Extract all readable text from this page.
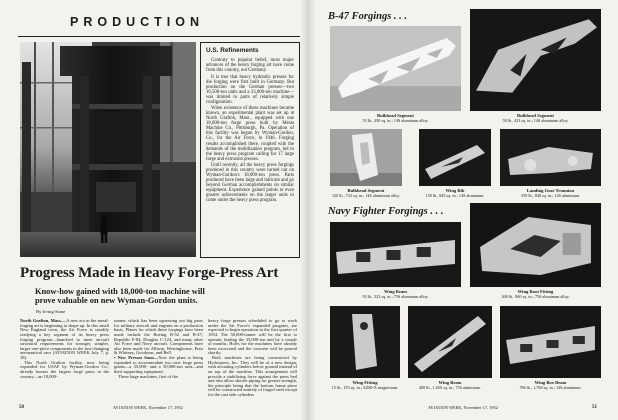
PRODUCTION
U.S. Refinements

Contrary to popular belief, most major advances of the heavy forging art have come from this country, not Germany.

It is true that heavy hydraulic presses for die forging were first built in Germany. But production on the German presses—two 16,500-ton units and a 33,000-ton machine—was limited to parts of relatively simple configuration.

When existence of these machines became known, an experimental plant was set up at North Grafton, Mass., equipped with one 18,000-ton forge press built by Mesta Machine Co., Pittsburgh, Pa. Operation of this facility was begun by Wyman-Gordon, Co., for the Air Force, in 1946. Forging results accomplished there, coupled with the demands of the mobilization program, led to the heavy press program calling for 17 large forge and extrusion presses.

Until recently, all the heavy press forgings produced in this country were turned out on Wyman-Gordon's 18,000-ton press. Parts produced have been large and intricate and go beyond German accomplishments on similar equipment. Experience gained points to even greater achievements on the larger units to come under the heavy press program.

Progress Made in Heavy Forge-Press Art
Know-how gained with 18,000-ton machine will
prove valuable on new Wyman-Gordon units.
By Irving Stone

North Grafton, Mass.—A new era in the metal-forging art is beginning to shape up. In this small New England town, the Air Force is steadily readying a key segment of its heavy press forging program—launched to meet aircraft structural requirements for stronger, simpler, larger one-piece components in the fast-changing aeronautical race (AVIATION WEEK July 7, p. 18).

This North Grafton facility, now being expanded for USAF by Wyman-Gordon Co., already houses the largest forge press in the country—an 18,000-

tonner, which has been squeezing out big parts for military aircraft and engines on a production basis. Planes for which these forgings have been made include the Boeing B-52 and B-47; Republic F-84; Douglas C-124, and many other Air Force and Navy aircraft. Components have also been made for Allison, Westinghouse, Pratt & Whitney, Goodyear, and Bell.

• New Presses Soon—Now the plant is being expanded to accommodate two new forge press giants—a 35,000- and a 50,000-ton unit—and their supporting equipment.

These large machines, first of the

heavy forge presses scheduled to go to work under the Air Force's expanded program, are expected to begin operation in the first quarter of 1954. The 50,000-tonner will be the first to operate, leading the 35,000-ton unit by a couple of months. Holes for the machines have already been excavated and the concrete will be poured shortly.

Both machines are being constructed by Hydropress, Inc. They will be of a new design, with actuating cylinders below ground instead of on top of the machine. This arrangement will provide a stabilizing force against the press bed and also allow shorter piping for greater strength, the principle being that the bottom frame piece will be constructed entirely of forged steel except for the cast side cylinders

50	AVIATION WEEK, November 17, 1952
B-47 Forgings . . .
Bulkhead Segment
55 lb., 490 sq. in.; 14S aluminum alloy.
Bulkhead Segment
58 lb., 423 sq. in.; 14S aluminum alloy.
Bulkhead Segment
120 lb., 723 sq. in.; 14S aluminum alloy.
Wing Rib
150 lb., 845 sq. in.; 14S aluminum.
Landing Gear Trunnion
359 lb., 840 sq. in.; 14S aluminum.
Navy Fighter Forgings . . .
Wing Beam
93 lb., 523 sq. in.; 75S aluminum alloy.
Wing Root Fitting
268 lb., 960 sq. in.; 75S aluminum alloy.
Wing Fitting
15 lb., 155 sq. in.; AZ80-X magnesium.
Wing Beam
400 lb., 1,650 sq. in.; 75S aluminum.
Wing Box Beam
786 lb., 1,760 sq. in.; 14S aluminum.
AVIATION WEEK, November 17, 1952	51
